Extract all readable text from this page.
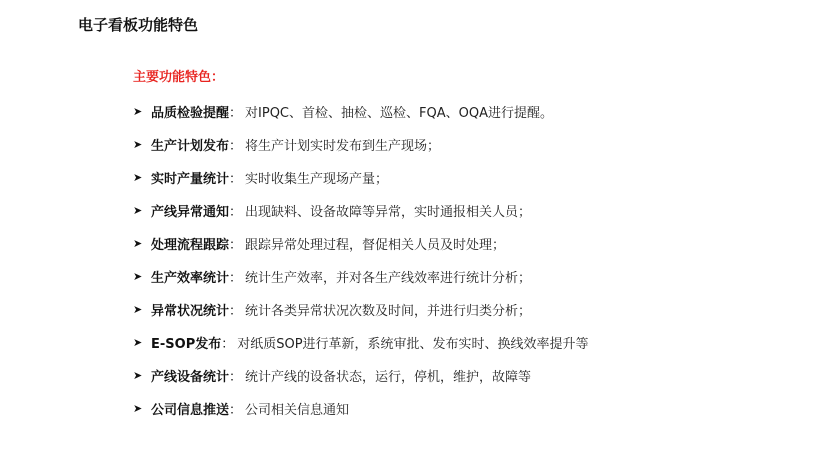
电子看板功能特色
主要功能特色：
➤ 品质检验提醒 ： 对IPQC、首检、抽检、巡检、FQA、OQA进行提醒。
➤ 生产计划发布 ： 将生产计划实时发布到生产现场；
➤ 实时产量统计 ： 实时收集生产现场产量；
➤ 产线异常通知 ： 出现缺料、设备故障等异常，实时通报相关人员；
➤ 处理流程跟踪 ： 跟踪异常处理过程，督促相关人员及时处理；
➤ 生产效率统计 ： 统计生产效率，并对各生产线效率进行统计分析；
➤ 异常状况统计 ： 统计各类异常状况次数及时间，并进行归类分析；
➤ E-SOP发布 ： 对纸质SOP进行革新，系统审批、发布实时、换线效率提升等
➤ 产线设备统计 ： 统计产线的设备状态，运行，停机，维护，故障等
➤ 公司信息推送 ： 公司相关信息通知
